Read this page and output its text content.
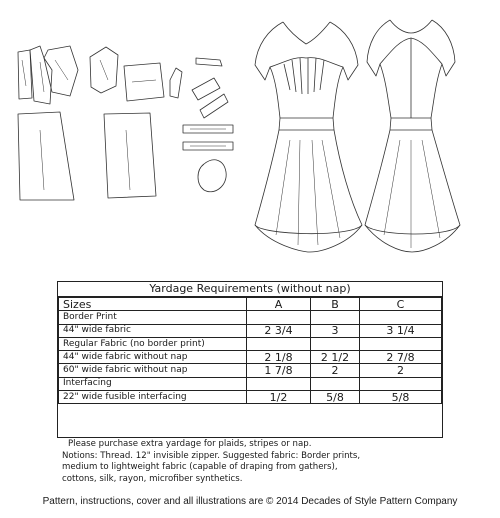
Yardage Requirements (without nap)
Sizes	A	B	C
Border Print			
44" wide fabric	2 3/4	3	3 1/4
Regular Fabric (no border print)			
44" wide fabric without nap	2 1/8	2 1/2	2 7/8
60" wide fabric without nap	1 7/8	2	2
Interfacing			
22" wide fusible interfacing	1/2	5/8	5/8
Please purchase extra yardage for plaids, stripes or nap.
Notions: Thread. 12" invisible zipper. Suggested fabric: Border prints,
medium to lightweight fabric (capable of draping from gathers),
cottons, silk, rayon, microfiber synthetics.
Pattern, instructions, cover and all illustrations are © 2014 Decades of Style Pattern Company
